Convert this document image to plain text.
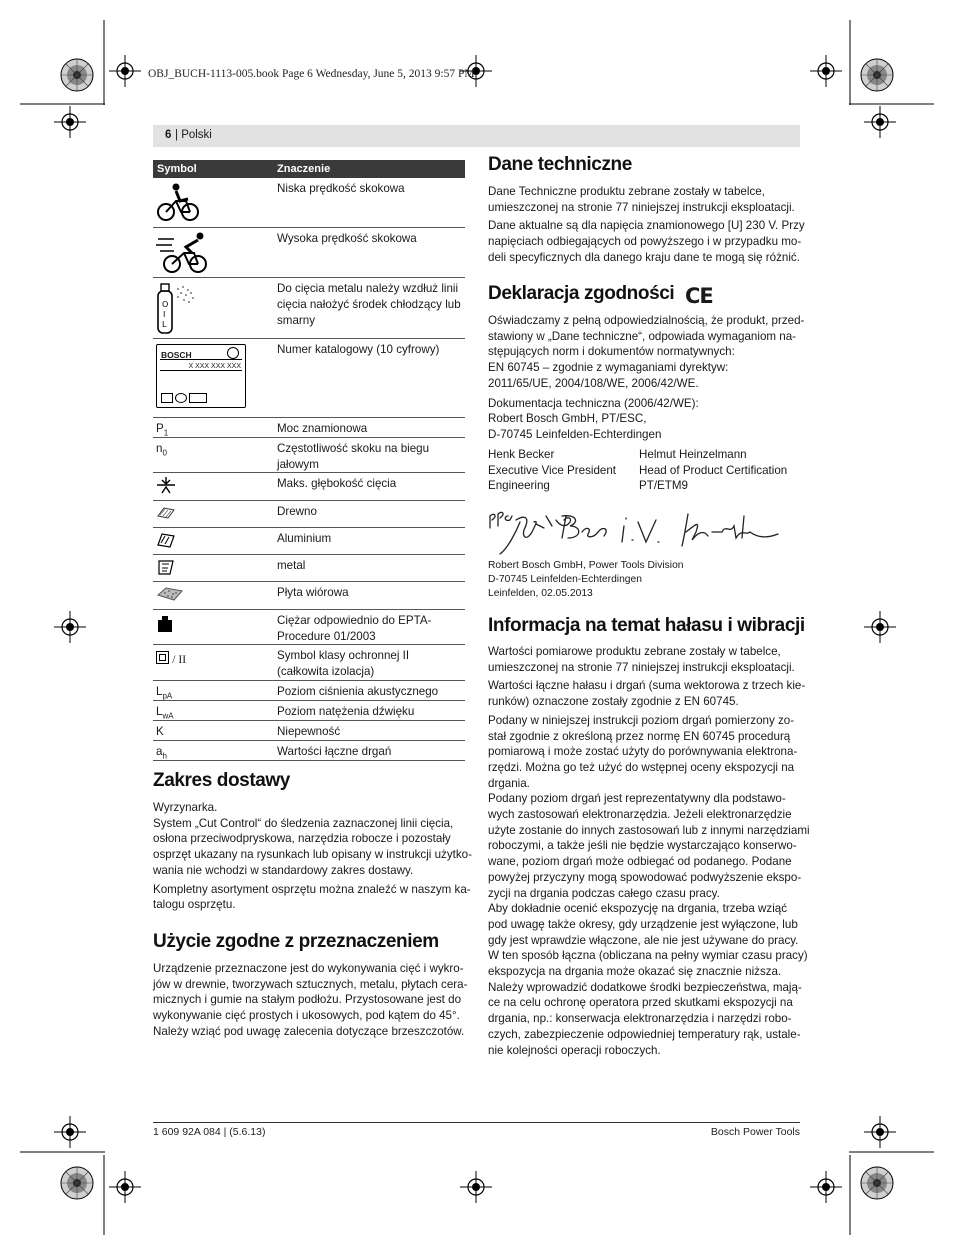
OBJ_BUCH-1113-005.book Page 6 Wednesday, June 5, 2013 9:57 PM
6 | Polski
Symbol	Znaczenie
Niska prędkość skokowa
Wysoka prędkość skokowa
O
I
L
Do cięcia metalu należy wzdłuż linii cięcia nałożyć środek chłodzący lub smarny
BOSCH
X XXX XXX XXX
Numer katalogowy (10 cyfrowy)
$P_1$	Moc znamionowa
$n_0$	Częstotliwość skoku na biegu jałowym
Maks. głębokość cięcia
Drewno
Aluminium
metal
Płyta wiórowa
Ciężar odpowiednio do EPTA-Procedure 01/2003
/ II	Symbol klasy ochronnej II (całkowita izolacja)
$L_{pA}$	Poziom ciśnienia akustycznego
$L_{wA}$	Poziom natężenia dźwięku
K	Niepewność
$a_h$	Wartości łączne drgań
Zakres dostawy
Wyrzynarka.
System „Cut Control“ do śledzenia zaznaczonej linii cięcia,
osłona przeciwodpryskowa, narzędzia robocze i pozostały
osprzęt ukazany na rysunkach lub opisany w instrukcji użytko-
wania nie wchodzi w standardowy zakres dostawy.
Kompletny asortyment osprzętu można znaleźć w naszym ka-
talogu osprzętu.
Użycie zgodne z przeznaczeniem
Urządzenie przeznaczone jest do wykonywania cięć i wykro-
jów w drewnie, tworzywach sztucznych, metalu, płytach cera-
micznych i gumie na stałym podłożu. Przystosowane jest do
wykonywanie cięć prostych i ukosowych, pod kątem do 45°.
Należy wziąć pod uwagę zalecenia dotyczące brzeszczotów.
Dane techniczne
Dane Techniczne produktu zebrane zostały w tabelce,
umieszczonej na stronie 77 niniejszej instrukcji eksploatacji.
Dane aktualne są dla napięcia znamionowego [U] 230 V. Przy
napięciach odbiegających od powyższego i w przypadku mo-
deli specyficznych dla danego kraju dane te mogą się różnić.
Deklaracja zgodności CE
Oświadczamy z pełną odpowiedzialnością, że produkt, przed-
stawiony w „Dane techniczne“, odpowiada wymaganiom na-
stępujących norm i dokumentów normatywnych:
EN 60745 – zgodnie z wymaganiami dyrektyw:
2011/65/UE, 2004/108/WE, 2006/42/WE.
Dokumentacja techniczna (2006/42/WE):
Robert Bosch GmbH, PT/ESC,
D-70745 Leinfelden-Echterdingen
Henk Becker
Executive Vice President
Engineering
Helmut Heinzelmann
Head of Product Certification
PT/ETM9
Robert Bosch GmbH, Power Tools Division
D-70745 Leinfelden-Echterdingen
Leinfelden, 02.05.2013
Informacja na temat hałasu i wibracji
Wartości pomiarowe produktu zebrane zostały w tabelce,
umieszczonej na stronie 77 niniejszej instrukcji eksploatacji.
Wartości łączne hałasu i drgań (suma wektorowa z trzech kie-
runków) oznaczone zostały zgodnie z EN 60745.
Podany w niniejszej instrukcji poziom drgań pomierzony zo-
stał zgodnie z określoną przez normę EN 60745 procedurą
pomiarową i może zostać użyty do porównywania elektrona-
rzędzi. Można go też użyć do wstępnej oceny ekspozycji na
drgania.
Podany poziom drgań jest reprezentatywny dla podstawo-
wych zastosowań elektronarzędzia. Jeżeli elektronarzędzie
użyte zostanie do innych zastosowań lub z innymi narzędziami
roboczymi, a także jeśli nie będzie wystarczająco konserwo-
wane, poziom drgań może odbiegać od podanego. Podane
powyżej przyczyny mogą spowodować podwyższenie ekspo-
zycji na drgania podczas całego czasu pracy.
Aby dokładnie ocenić ekspozycję na drgania, trzeba wziąć
pod uwagę także okresy, gdy urządzenie jest wyłączone, lub
gdy jest wprawdzie włączone, ale nie jest używane do pracy.
W ten sposób łączna (obliczana na pełny wymiar czasu pracy)
ekspozycja na drgania może okazać się znacznie niższa.
Należy wprowadzić dodatkowe środki bezpieczeństwa, mają-
ce na celu ochronę operatora przed skutkami ekspozycji na
drgania, np.: konserwacja elektronarzędzia i narzędzi robo-
czych, zabezpieczenie odpowiedniej temperatury rąk, ustale-
nie kolejności operacji roboczych.
1 609 92A 084 | (5.6.13)	Bosch Power Tools
